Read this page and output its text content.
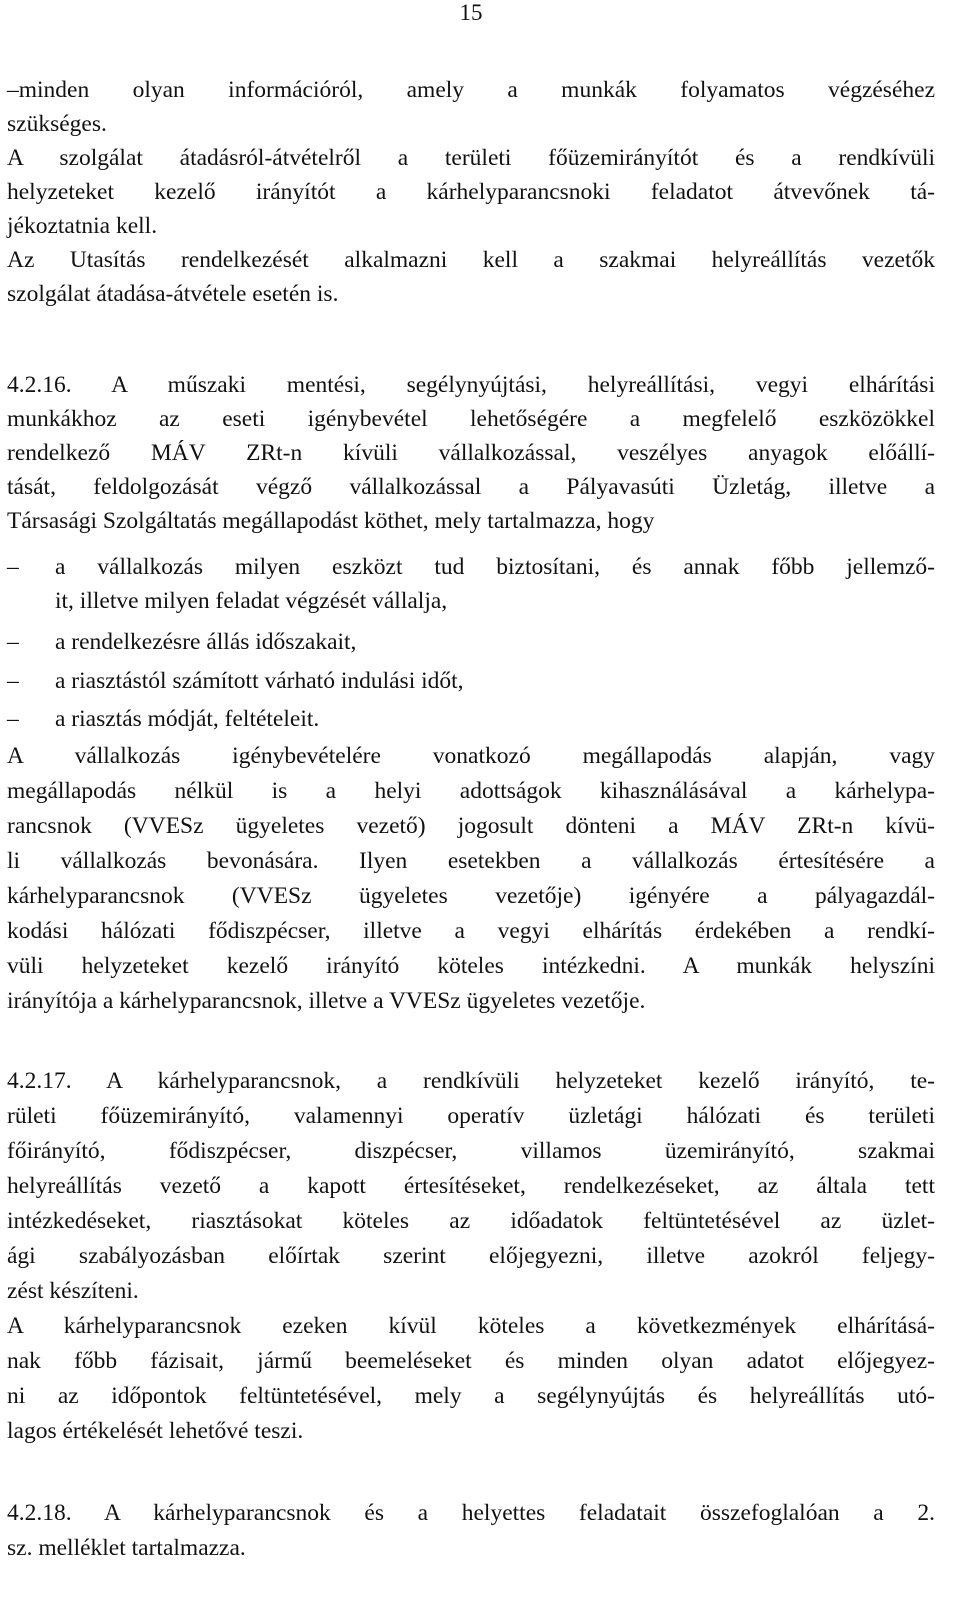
15
–minden olyan információról, amely a munkák folyamatos végzéséhez
szükséges.
A szolgálat átadásról-átvételről a területi főüzemirányítót és a rendkívüli
helyzeteket kezelő irányítót a kárhelyparancsnoki feladatot átvevőnek tá-
jékoztatnia kell.
Az Utasítás rendelkezését alkalmazni kell a szakmai helyreállítás vezetők
szolgálat átadása-átvétele esetén is.
4.2.16. A műszaki mentési, segélynyújtási, helyreállítási, vegyi elhárítási
munkákhoz az eseti igénybevétel lehetőségére a megfelelő eszközökkel
rendelkező MÁV ZRt-n kívüli vállalkozással, veszélyes anyagok előállí-
tását, feldolgozását végző vállalkozással a Pályavasúti Üzletág, illetve a
Társasági Szolgáltatás megállapodást köthet, mely tartalmazza, hogy
– a vállalkozás milyen eszközt tud biztosítani, és annak főbb jellemző-
it, illetve milyen feladat végzését vállalja,
– a rendelkezésre állás időszakait,
– a riasztástól számított várható indulási időt,
– a riasztás módját, feltételeit.
A vállalkozás igénybevételére vonatkozó megállapodás alapján, vagy
megállapodás nélkül is a helyi adottságok kihasználásával a kárhelypa-
rancsnok (VVESz ügyeletes vezető) jogosult dönteni a MÁV ZRt-n kívü-
li vállalkozás bevonására. Ilyen esetekben a vállalkozás értesítésére a
kárhelyparancsnok (VVESz ügyeletes vezetője) igényére a pályagazdál-
kodási hálózati fődiszpécser, illetve a vegyi elhárítás érdekében a rendkí-
vüli helyzeteket kezelő irányító köteles intézkedni. A munkák helyszíni
irányítója a kárhelyparancsnok, illetve a VVESz ügyeletes vezetője.
4.2.17. A kárhelyparancsnok, a rendkívüli helyzeteket kezelő irányító, te-
rületi főüzemirányító, valamennyi operatív üzletági hálózati és területi
főirányító, fődiszpécser, diszpécser, villamos üzemirányító, szakmai
helyreállítás vezető a kapott értesítéseket, rendelkezéseket, az általa tett
intézkedéseket, riasztásokat köteles az időadatok feltüntetésével az üzlet-
ági szabályozásban előírtak szerint előjegyezni, illetve azokról feljegy-
zést készíteni.
A kárhelyparancsnok ezeken kívül köteles a következmények elhárításá-
nak főbb fázisait, jármű beemeléseket és minden olyan adatot előjegyez-
ni az időpontok feltüntetésével, mely a segélynyújtás és helyreállítás utó-
lagos értékelését lehetővé teszi.
4.2.18. A kárhelyparancsnok és a helyettes feladatait összefoglalóan a 2.
sz. melléklet tartalmazza.
